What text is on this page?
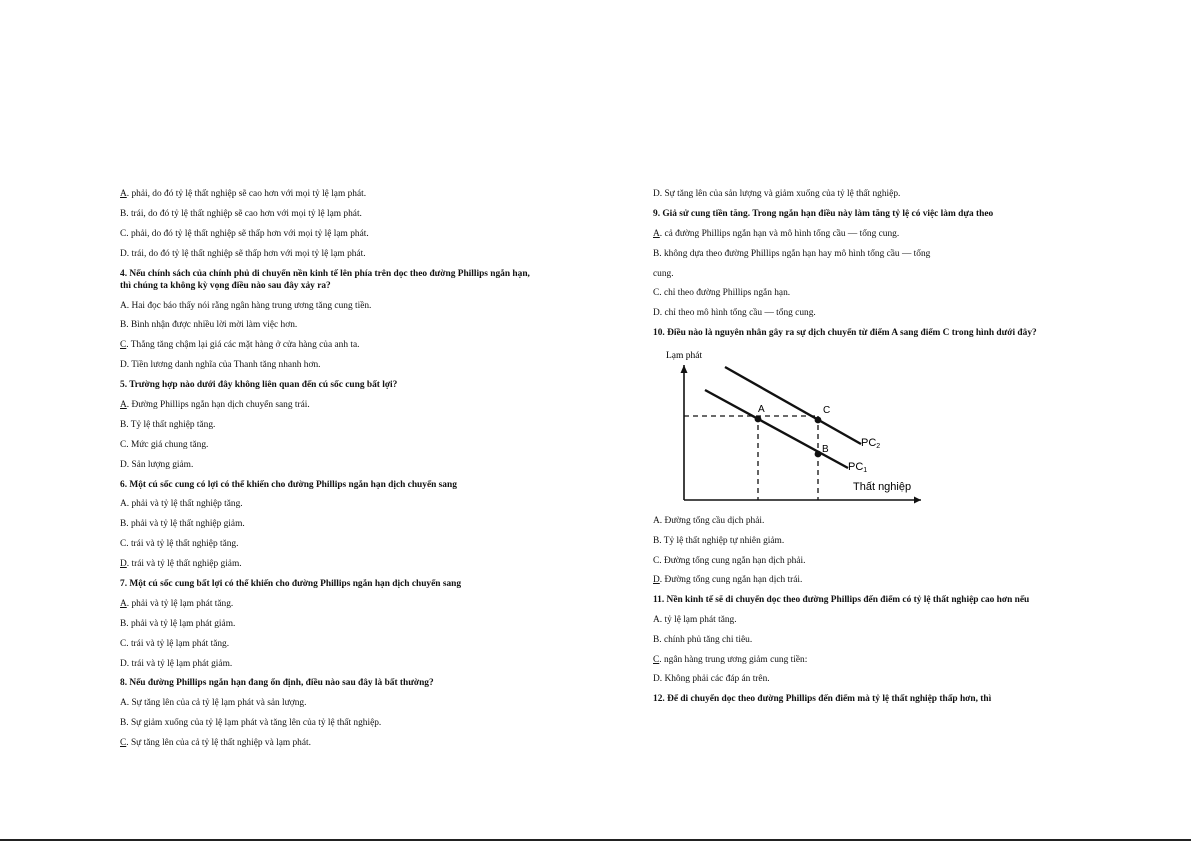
A. phải, do đó tỷ lệ thất nghiệp sẽ cao hơn với mọi tỷ lệ lạm phát.
B. trái, do đó tỷ lệ thất nghiệp sẽ cao hơn với mọi tỷ lệ lạm phát.
C. phải, do đó tỷ lệ thất nghiệp sẽ thấp hơn với mọi tỷ lệ lạm phát.
D. trái, do đó tỷ lệ thất nghiệp sẽ thấp hơn với mọi tỷ lệ lạm phát.
4. Nếu chính sách của chính phủ di chuyển nền kinh tế lên phía trên dọc theo đường Phillips ngắn hạn, thì chúng ta không kỳ vọng điều nào sau đây xảy ra?
A. Hai đọc báo thấy nói rằng ngân hàng trung ương tăng cung tiền.
B. Bình nhận được nhiều lời mời làm việc hơn.
C. Thắng tăng chậm lại giá các mặt hàng ở cửa hàng của anh ta.
D. Tiền lương danh nghĩa của Thanh tăng nhanh hơn.
5. Trường hợp nào dưới đây không liên quan đến cú sốc cung bất lợi?
A. Đường Phillips ngắn hạn dịch chuyển sang trái.
B. Tỷ lệ thất nghiệp tăng.
C. Mức giá chung tăng.
D. Sản lượng giảm.
6. Một cú sốc cung có lợi có thể khiến cho đường Phillips ngắn hạn dịch chuyển sang
A. phải và tỷ lệ thất nghiệp tăng.
B. phải và tỷ lệ thất nghiệp giảm.
C. trái và tỷ lệ thất nghiệp tăng.
D. trái và tỷ lệ thất nghiệp giảm.
7. Một cú sốc cung bất lợi có thể khiến cho đường Phillips ngắn hạn dịch chuyển sang
A. phải và tỷ lệ lạm phát tăng.
B. phải và tỷ lệ lạm phát giảm.
C. trái và tỷ lệ lạm phát tăng.
D. trái và tỷ lệ lạm phát giảm.
8. Nếu đường Phillips ngắn hạn đang ổn định, điều nào sau đây là bất thường?
A. Sự tăng lên của cả tỷ lệ lạm phát và sản lượng.
B. Sự giảm xuống của tỷ lệ lạm phát và tăng lên của tỷ lệ thất nghiệp.
C. Sự tăng lên của cả tỷ lệ thất nghiệp và lạm phát.
D. Sự tăng lên của sản lượng và giảm xuống của tỷ lệ thất nghiệp.
9. Giả sử cung tiền tăng. Trong ngắn hạn điều này làm tăng tỷ lệ có việc làm dựa theo
A. cả đường Phillips ngắn hạn và mô hình tổng cầu — tổng cung.
B. không dựa theo đường Phillips ngắn hạn hay mô hình tổng cầu — tổng
cung.
C. chỉ theo đường Phillips ngắn hạn.
D. chỉ theo mô hình tổng cầu — tổng cung.
10. Điều nào là nguyên nhân gây ra sự dịch chuyển từ điểm A sang điểm C trong hình dưới đây?
Lạm phát
Thất nghiệp
A
B
C
PC2
PC1
A. Đường tổng cầu dịch phải.
B. Tỷ lệ thất nghiệp tự nhiên giảm.
C. Đường tổng cung ngắn hạn dịch phải.
D. Đường tổng cung ngắn hạn dịch trái.
11. Nền kinh tế sẽ di chuyển dọc theo đường Phillips đến điểm có tỷ lệ thất nghiệp cao hơn nếu
A. tỷ lệ lạm phát tăng.
B. chính phủ tăng chi tiêu.
C. ngân hàng trung ương giảm cung tiền:
D. Không phải các đáp án trên.
12. Để di chuyển dọc theo đường Phillips đến điểm mà tỷ lệ thất nghiệp thấp hơn, thì
